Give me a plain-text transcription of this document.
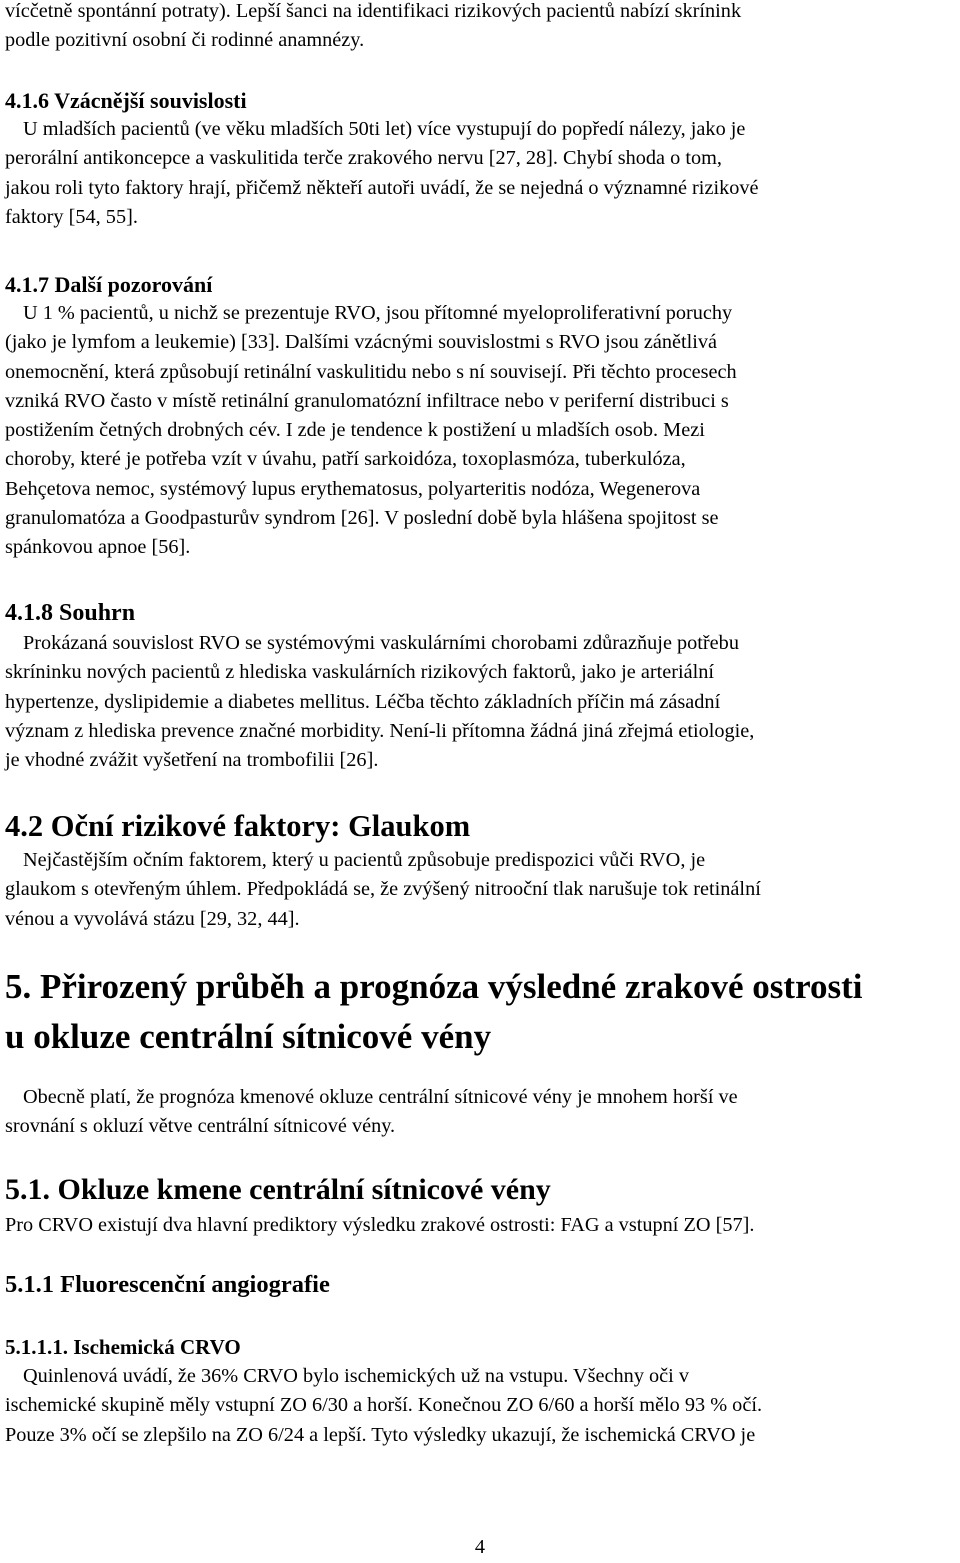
vícčetně spontánní potraty). Lepší šanci na identifikaci rizikových pacientů nabízí skrínink

podle pozitivní osobní či rodinné anamnézy.

4.1.6 Vzácnější souvislosti

U mladších pacientů (ve věku mladších 50ti let) více vystupují do popředí nálezy, jako je

perorální antikoncepce a vaskulitida terče zrakového nervu [27, 28]. Chybí shoda o tom,

jakou roli tyto faktory hrají, přičemž někteří autoři uvádí, že se nejedná o významné rizikové

faktory [54, 55].

4.1.7 Další pozorování

U 1 % pacientů, u nichž se prezentuje RVO, jsou přítomné myeloproliferativní poruchy

(jako je lymfom a leukemie) [33]. Dalšími vzácnými souvislostmi s RVO jsou zánětlivá

onemocnění, která způsobují retinální vaskulitidu nebo s ní souvisejí. Při těchto procesech

vzniká RVO často v místě retinální granulomatózní infiltrace nebo v periferní distribuci s

postižením četných drobných cév. I zde je tendence k postižení u mladších osob. Mezi

choroby, které je potřeba vzít v úvahu, patří sarkoidóza, toxoplasmóza, tuberkulóza,

Behçetova nemoc, systémový lupus erythematosus, polyarteritis nodóza, Wegenerova

granulomatóza a Goodpasturův syndrom [26]. V poslední době byla hlášena spojitost se

spánkovou apnoe [56].

4.1.8 Souhrn

Prokázaná souvislost RVO se systémovými vaskulárními chorobami zdůrazňuje potřebu

skríninku nových pacientů z hlediska vaskulárních rizikových faktorů, jako je arteriální

hypertenze, dyslipidemie a diabetes mellitus. Léčba těchto základních příčin má zásadní

význam z hlediska prevence značné morbidity. Není-li přítomna žádná jiná zřejmá etiologie,

je vhodné zvážit vyšetření na trombofilii [26].

4.2 Oční rizikové faktory: Glaukom

Nejčastějším očním faktorem, který u pacientů způsobuje predispozici vůči RVO, je

glaukom s otevřeným úhlem. Předpokládá se, že zvýšený nitrooční tlak narušuje tok retinální

vénou a vyvolává stázu [29, 32, 44].

5. Přirozený průběh a prognóza výsledné zrakové ostrosti

u okluze centrální sítnicové vény

Obecně platí, že prognóza kmenové okluze centrální sítnicové vény je mnohem horší ve

srovnání s okluzí větve centrální sítnicové vény.

5.1. Okluze kmene centrální sítnicové vény

Pro CRVO existují dva hlavní prediktory výsledku zrakové ostrosti: FAG a vstupní ZO [57].

5.1.1 Fluorescenční angiografie

5.1.1.1. Ischemická CRVO

Quinlenová uvádí, že 36% CRVO bylo ischemických už na vstupu. Všechny oči v

ischemické skupině měly vstupní ZO 6/30 a horší. Konečnou ZO 6/60 a horší mělo 93 % očí.

Pouze 3% očí se zlepšilo na ZO 6/24 a lepší. Tyto výsledky ukazují, že ischemická CRVO je

4
